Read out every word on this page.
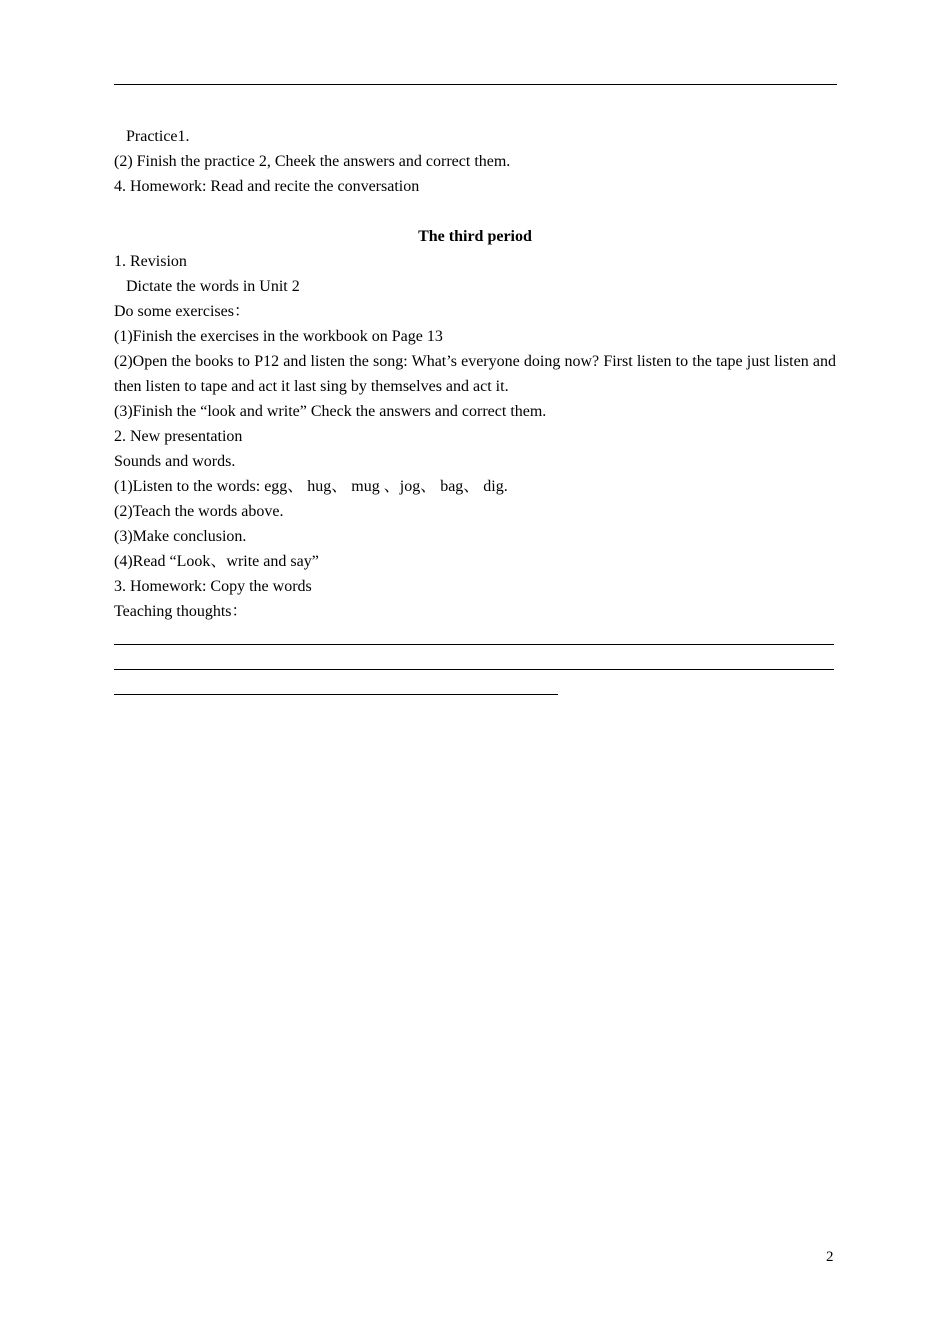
Practice1.
(2) Finish the practice 2, Cheek the answers and correct them.
4. Homework: Read and recite the conversation
The third period
1. Revision
Dictate the words in Unit 2
Do some exercises：
(1)Finish the exercises in the workbook on Page 13
(2)Open the books to P12 and listen the song: What’s everyone doing now? First listen to the tape just listen and then listen to tape and act it last sing by themselves and act it.
(3)Finish the “look and write” Check the answers and correct them.
2. New presentation
Sounds and words.
(1)Listen to the words: egg、 hug、 mug 、jog、 bag、 dig.
(2)Teach the words above.
(3)Make conclusion.
(4)Read “Look、write and say”
3. Homework: Copy the words
Teaching thoughts：
2
